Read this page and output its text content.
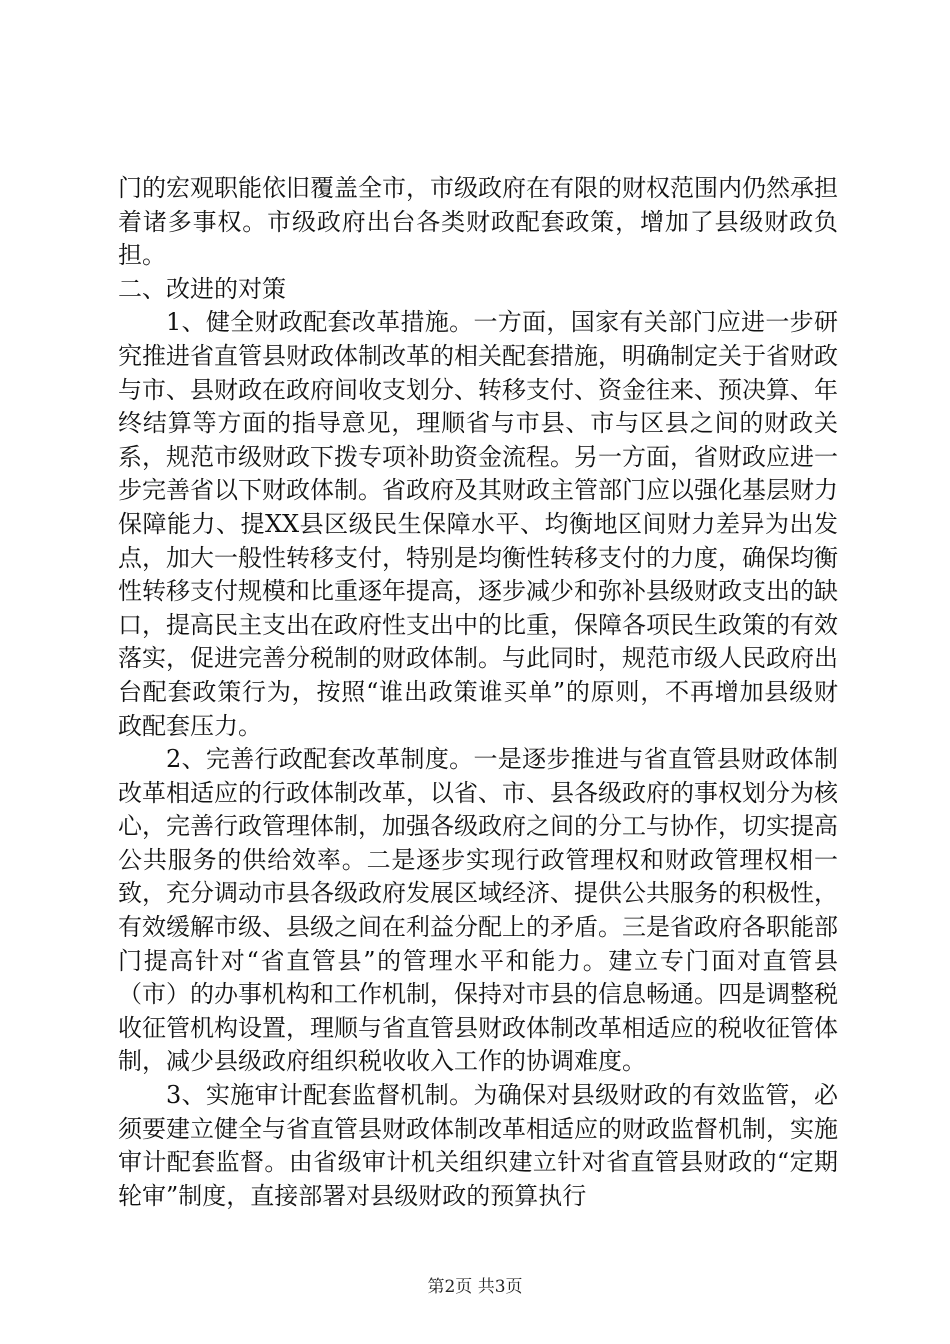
门的宏观职能依旧覆盖全市，市级政府在有限的财权范围内仍然承担着诸多事权。市级政府出台各类财政配套政策，增加了县级财政负担。

二、改进的对策

1、健全财政配套改革措施。一方面，国家有关部门应进一步研究推进省直管县财政体制改革的相关配套措施，明确制定关于省财政与市、县财政在政府间收支划分、转移支付、资金往来、预决算、年终结算等方面的指导意见，理顺省与市县、市与区县之间的财政关系，规范市级财政下拨专项补助资金流程。另一方面，省财政应进一步完善省以下财政体制。省政府及其财政主管部门应以强化基层财力保障能力、提XX县区级民生保障水平、均衡地区间财力差异为出发点，加大一般性转移支付，特别是均衡性转移支付的力度，确保均衡性转移支付规模和比重逐年提高，逐步减少和弥补县级财政支出的缺口，提高民主支出在政府性支出中的比重，保障各项民生政策的有效落实，促进完善分税制的财政体制。与此同时，规范市级人民政府出台配套政策行为，按照“谁出政策谁买单”的原则，不再增加县级财政配套压力。

2、完善行政配套改革制度。一是逐步推进与省直管县财政体制改革相适应的行政体制改革，以省、市、县各级政府的事权划分为核心，完善行政管理体制，加强各级政府之间的分工与协作，切实提高公共服务的供给效率。二是逐步实现行政管理权和财政管理权相一致，充分调动市县各级政府发展区域经济、提供公共服务的积极性，有效缓解市级、县级之间在利益分配上的矛盾。三是省政府各职能部门提高针对“省直管县”的管理水平和能力。建立专门面对直管县（市）的办事机构和工作机制，保持对市县的信息畅通。四是调整税收征管机构设置，理顺与省直管县财政体制改革相适应的税收征管体制，减少县级政府组织税收收入工作的协调难度。

3、实施审计配套监督机制。为确保对县级财政的有效监管，必须要建立健全与省直管县财政体制改革相适应的财政监督机制，实施审计配套监督。由省级审计机关组织建立针对省直管县财政的“定期轮审”制度，直接部署对县级财政的预算执行

第2页 共3页
